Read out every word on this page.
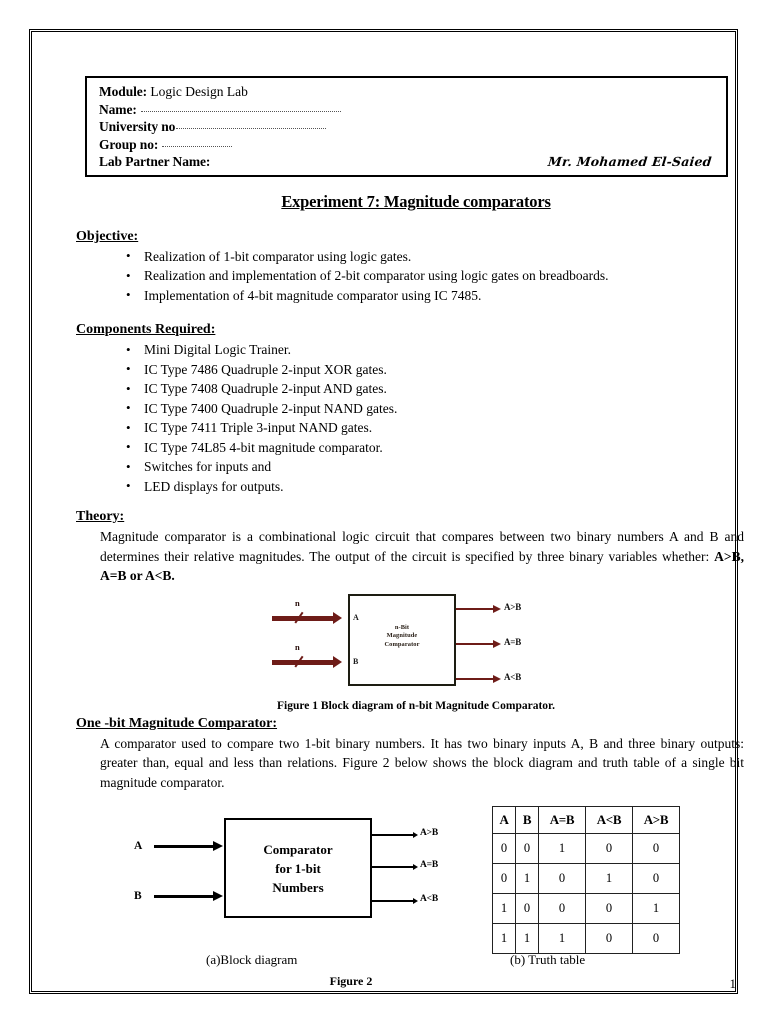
Module: Logic Design Lab
Name:
University no
Group no:
Lab Partner Name:	Mr. Mohamed El-Saied
Experiment 7: Magnitude comparators
Objective:
• Realization of 1-bit comparator using logic gates.
• Realization and implementation of 2-bit comparator using logic gates on breadboards.
• Implementation of 4-bit magnitude comparator using IC 7485.
Components Required:
• Mini Digital Logic Trainer.
• IC Type 7486 Quadruple 2-input XOR gates.
• IC Type 7408 Quadruple 2-input AND gates.
• IC Type 7400 Quadruple 2-input NAND gates.
• IC Type 7411 Triple 3-input NAND gates.
• IC Type 74L85 4-bit magnitude comparator.
• Switches for inputs and
• LED displays for outputs.
Theory:

Magnitude comparator is a combinational logic circuit that compares between two binary numbers A and B and determines their relative magnitudes. The output of the circuit is specified by three binary variables whether: A>B, A=B or A<B.

n-Bit
Magnitude
Comparator
n
A
n
B
A>B
A=B
A<B
Figure 1 Block diagram of n-bit Magnitude Comparator.
One -bit Magnitude Comparator:

A comparator used to compare two 1-bit binary numbers. It has two binary inputs A, B and three binary outputs: greater than, equal and less than relations. Figure 2 below shows the block diagram and truth table of a single bit magnitude comparator.

Comparator
for 1-bit
Numbers
A
B
A>B
A=B
A<B
A	B	A=B	A<B	A>B
0	0	1	0	0
0	1	0	1	0
1	0	0	0	1
1	1	1	0	0
(a)Block diagram	(b) Truth table
Figure 2	1
